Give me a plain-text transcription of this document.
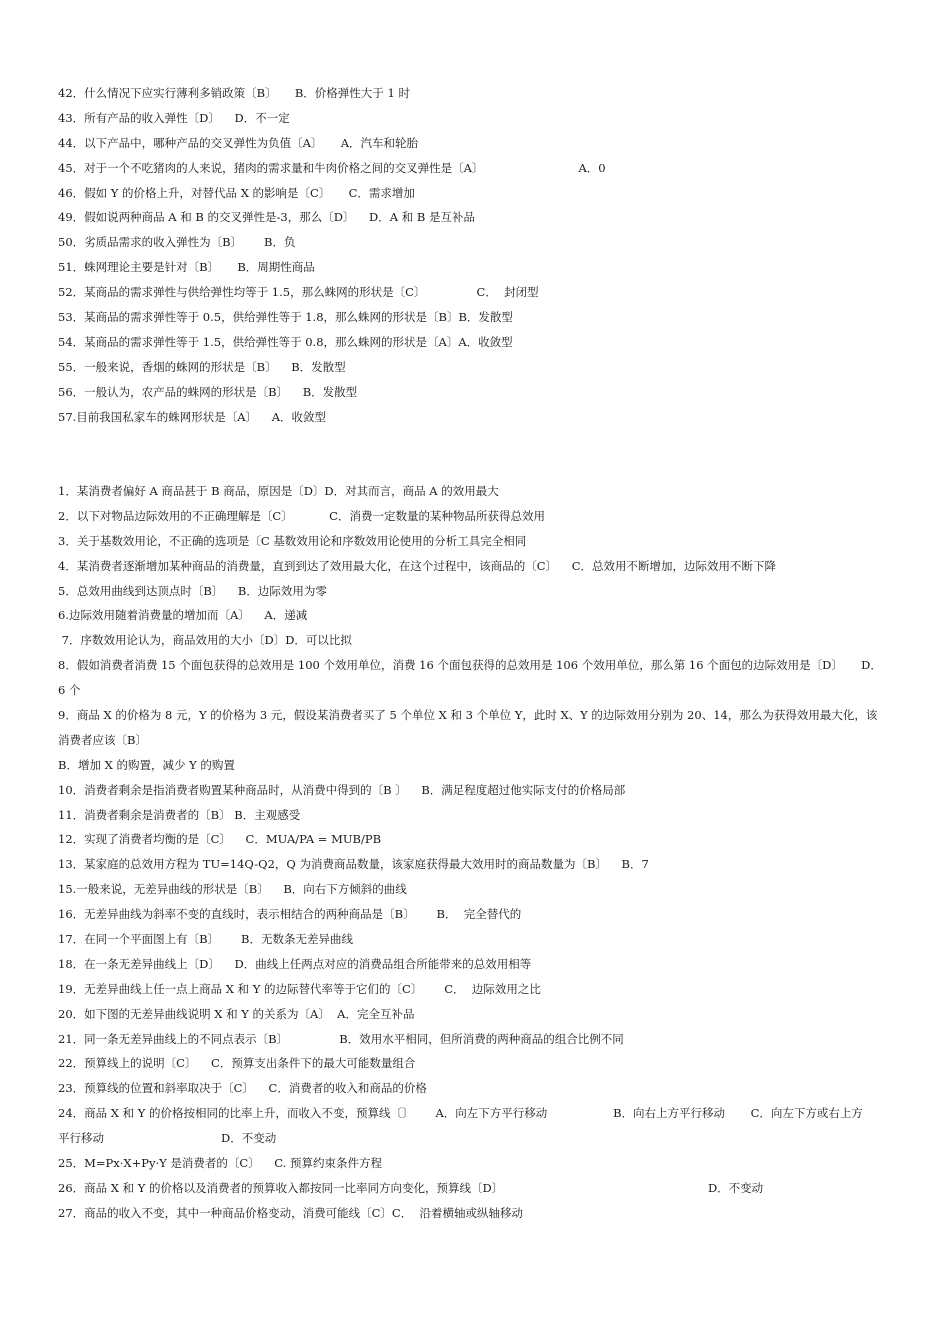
42．什么情况下应实行薄利多销政策〔B〕     B．价格弹性大于 1 时
43．所有产品的收入弹性〔D〕    D．不一定
44．以下产品中，哪种产品的交叉弹性为负值〔A〕     A．汽车和轮胎
45．对于一个不吃猪肉的人来说，猪肉的需求量和牛肉价格之间的交叉弹性是〔A〕                          A．0
46．假如 Y 的价格上升，对替代品 X 的影响是〔C〕     C．需求增加
49．假如说两种商品 A 和 B 的交叉弹性是-3，那么〔D〕    D．A 和 B 是互补品
50．劣质品需求的收入弹性为〔B〕      B．负
51．蛛网理论主要是针对〔B〕     B．周期性商品
52．某商品的需求弹性与供给弹性均等于 1.5，那么蛛网的形状是〔C〕              C．  封闭型
53．某商品的需求弹性等于 0.5，供给弹性等于 1.8，那么蛛网的形状是〔B〕B．发散型
54．某商品的需求弹性等于 1.5，供给弹性等于 0.8，那么蛛网的形状是〔A〕A．收敛型
55．一般来说，香烟的蛛网的形状是〔B〕    B．发散型
56．一般认为，农产品的蛛网的形状是〔B〕    B．发散型
57.目前我国私家车的蛛网形状是〔A〕    A．收敛型
1．某消费者偏好 A 商品甚于 B 商品，原因是〔D〕D．对其而言，商品 A 的效用最大
2．以下对物品边际效用的不正确理解是〔C〕          C．消费一定数量的某种物品所获得总效用
3．关于基数效用论，不正确的选项是〔C 基数效用论和序数效用论使用的分析工具完全相同
4．某消费者逐渐增加某种商品的消费量，直到到达了效用最大化，在这个过程中，该商品的〔C〕    C．总效用不断增加，边际效用不断下降
5．总效用曲线到达顶点时〔B〕    B．边际效用为零
6.边际效用随着消费量的增加而〔A〕    A．递减
7．序数效用论认为，商品效用的大小〔D〕D．可以比拟
8．假如消费者消费 15 个面包获得的总效用是 100 个效用单位，消费 16 个面包获得的总效用是 106 个效用单位，那么第 16 个面包的边际效用是〔D〕     D．
6 个
9．商品 X 的价格为 8 元，Y 的价格为 3 元，假设某消费者买了 5 个单位 X 和 3 个单位 Y，此时 X、Y 的边际效用分别为 20、14，那么为获得效用最大化，该
消费者应该〔B〕
B．增加 X 的购置，减少 Y 的购置
10．消费者剩余是指消费者购置某种商品时，从消费中得到的〔B 〕    B．满足程度超过他实际支付的价格局部
11．消费者剩余是消费者的〔B〕 B．主观感受
12．实现了消费者均衡的是〔C〕    C．MUA/PA = MUB/PB
13．某家庭的总效用方程为 TU=14Q-Q2，Q 为消费商品数量，该家庭获得最大效用时的商品数量为〔B〕    B．7
15.一般来说，无差异曲线的形状是〔B〕    B．向右下方倾斜的曲线
16．无差异曲线为斜率不变的直线时，表示相结合的两种商品是〔B〕      B．  完全替代的
17．在同一个平面图上有〔B〕      B．无数条无差异曲线
18．在一条无差异曲线上〔D〕    D．曲线上任两点对应的消费品组合所能带来的总效用相等
19．无差异曲线上任一点上商品 X 和 Y 的边际替代率等于它们的〔C〕      C．  边际效用之比
20．如下图的无差异曲线说明 X 和 Y 的关系为〔A〕  A．完全互补品
21．同一条无差异曲线上的不同点表示〔B〕              B．效用水平相同，但所消费的两种商品的组合比例不同
22．预算线上的说明〔C〕    C．预算支出条件下的最大可能数量组合
23．预算线的位置和斜率取决于〔C〕    C．消费者的收入和商品的价格
24．商品 X 和 Y 的价格按相同的比率上升，而收入不变，预算线〔〕      A．向左下方平行移动                  B．向右上方平行移动       C．向左下方或右上方
平行移动                                D．不变动
25．M=Px·X+Py·Y 是消费者的〔C〕    C. 预算约束条件方程
26．商品 X 和 Y 的价格以及消费者的预算收入都按同一比率同方向变化，预算线〔D〕                                                        D．不变动
27．商品的收入不变，其中一种商品价格变动，消费可能线〔C〕C．  沿着横轴或纵轴移动
